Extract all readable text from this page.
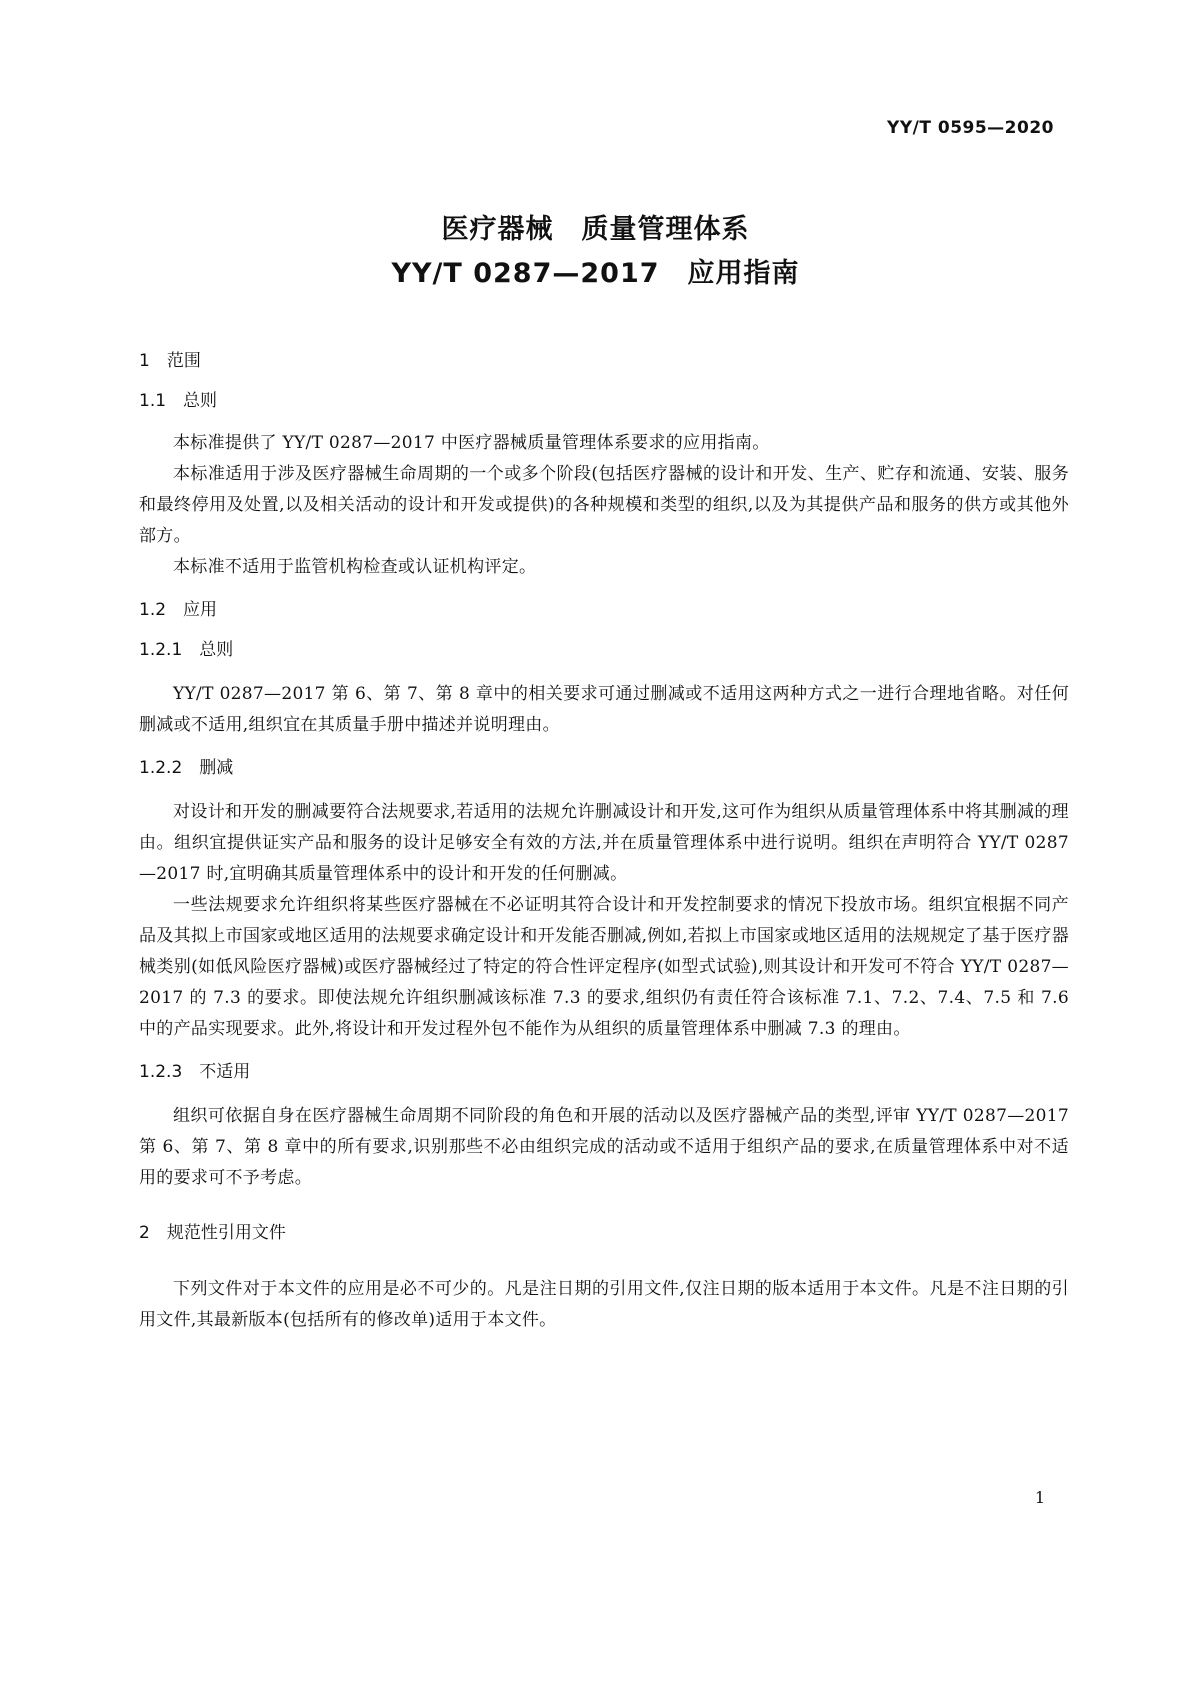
YY/T 0595—2020
医疗器械　质量管理体系
YY/T 0287—2017　应用指南
1　范围
1.1　总则
本标准提供了 YY/T 0287—2017 中医疗器械质量管理体系要求的应用指南。
本标准适用于涉及医疗器械生命周期的一个或多个阶段(包括医疗器械的设计和开发、生产、贮存和流通、安装、服务和最终停用及处置,以及相关活动的设计和开发或提供)的各种规模和类型的组织,以及为其提供产品和服务的供方或其他外部方。
本标准不适用于监管机构检查或认证机构评定。
1.2　应用
1.2.1　总则
YY/T 0287—2017 第 6、第 7、第 8 章中的相关要求可通过删减或不适用这两种方式之一进行合理地省略。对任何删减或不适用,组织宜在其质量手册中描述并说明理由。
1.2.2　删减
对设计和开发的删减要符合法规要求,若适用的法规允许删减设计和开发,这可作为组织从质量管理体系中将其删减的理由。组织宜提供证实产品和服务的设计足够安全有效的方法,并在质量管理体系中进行说明。组织在声明符合 YY/T 0287—2017 时,宜明确其质量管理体系中的设计和开发的任何删减。
一些法规要求允许组织将某些医疗器械在不必证明其符合设计和开发控制要求的情况下投放市场。组织宜根据不同产品及其拟上市国家或地区适用的法规要求确定设计和开发能否删减,例如,若拟上市国家或地区适用的法规规定了基于医疗器械类别(如低风险医疗器械)或医疗器械经过了特定的符合性评定程序(如型式试验),则其设计和开发可不符合 YY/T 0287—2017 的 7.3 的要求。即使法规允许组织删减该标准 7.3 的要求,组织仍有责任符合该标准 7.1、7.2、7.4、7.5 和 7.6 中的产品实现要求。此外,将设计和开发过程外包不能作为从组织的质量管理体系中删减 7.3 的理由。
1.2.3　不适用
组织可依据自身在医疗器械生命周期不同阶段的角色和开展的活动以及医疗器械产品的类型,评审 YY/T 0287—2017 第 6、第 7、第 8 章中的所有要求,识别那些不必由组织完成的活动或不适用于组织产品的要求,在质量管理体系中对不适用的要求可不予考虑。
2　规范性引用文件
下列文件对于本文件的应用是必不可少的。凡是注日期的引用文件,仅注日期的版本适用于本文件。凡是不注日期的引用文件,其最新版本(包括所有的修改单)适用于本文件。
1
